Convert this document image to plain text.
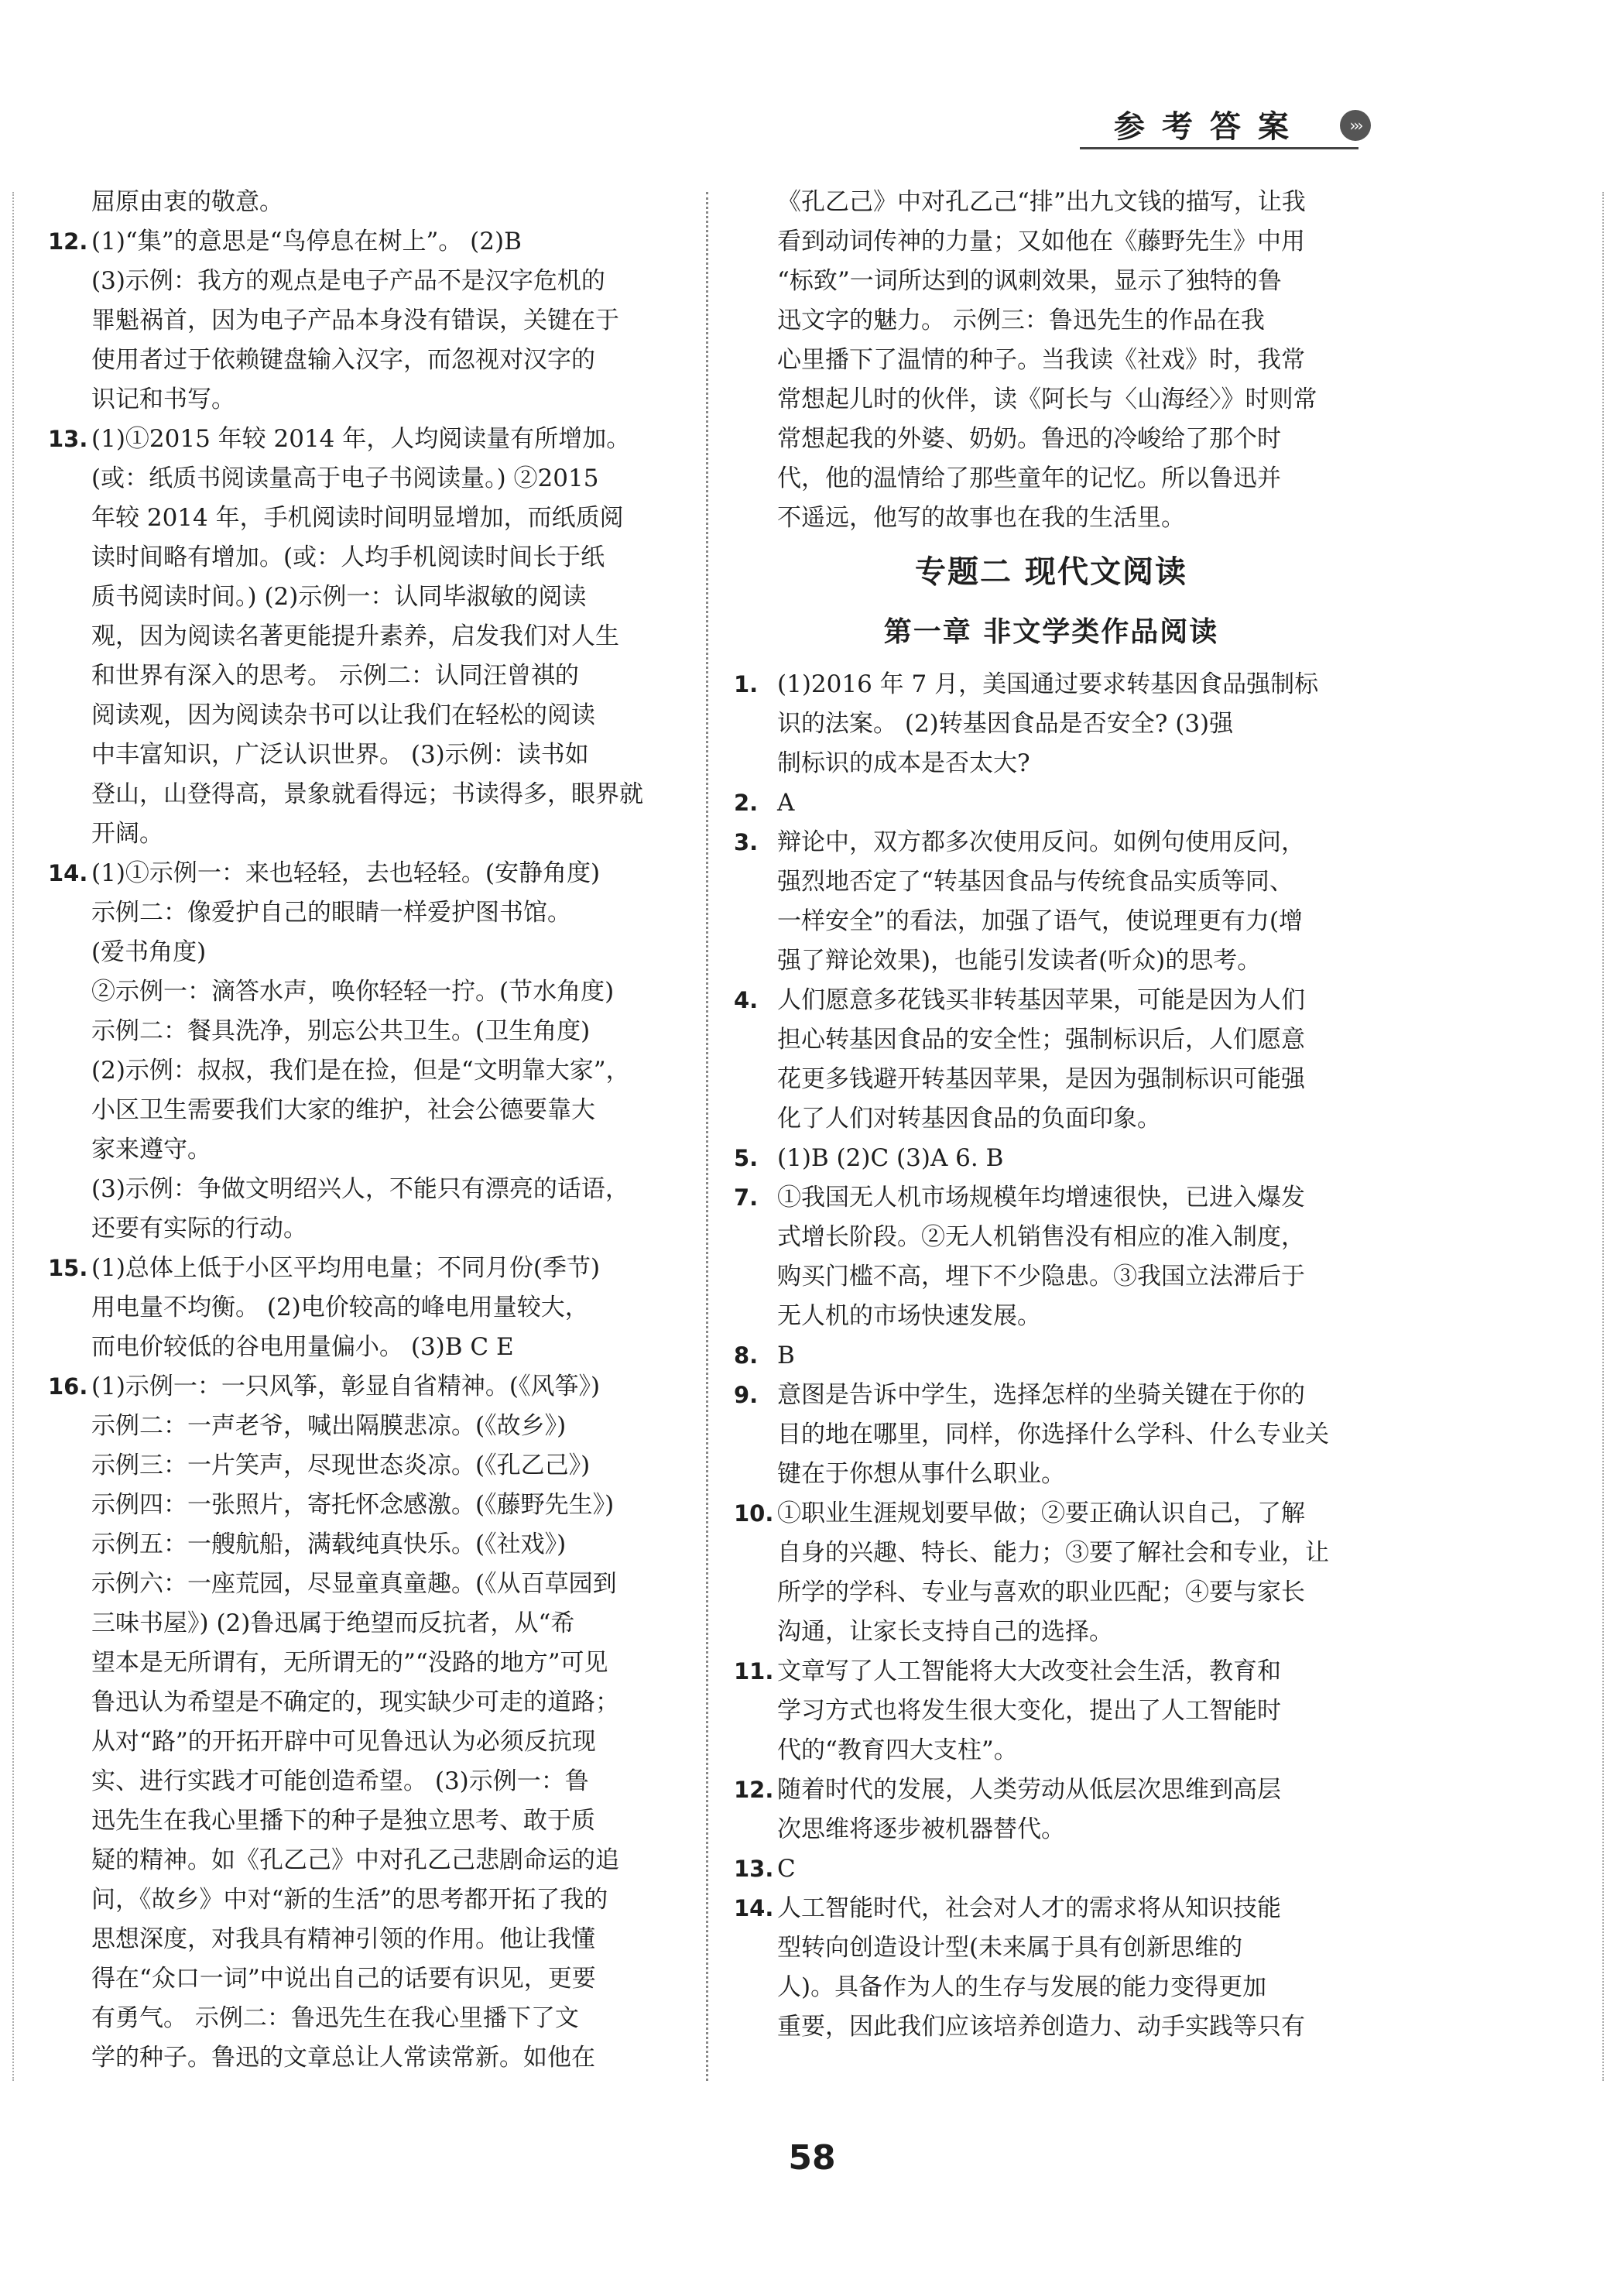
参考答案	›››
屈原由衷的敬意。
12. (1)“集”的意思是“鸟停息在树上”。 (2)B
(3)示例：我方的观点是电子产品不是汉字危机的
罪魁祸首，因为电子产品本身没有错误，关键在于
使用者过于依赖键盘输入汉字，而忽视对汉字的
识记和书写。
13. (1)①2015 年较 2014 年，人均阅读量有所增加。
(或：纸质书阅读量高于电子书阅读量。) ②2015
年较 2014 年，手机阅读时间明显增加，而纸质阅
读时间略有增加。(或：人均手机阅读时间长于纸
质书阅读时间。) (2)示例一：认同毕淑敏的阅读
观，因为阅读名著更能提升素养，启发我们对人生
和世界有深入的思考。 示例二：认同汪曾祺的
阅读观，因为阅读杂书可以让我们在轻松的阅读
中丰富知识，广泛认识世界。 (3)示例：读书如
登山，山登得高，景象就看得远；书读得多，眼界就
开阔。
14. (1)①示例一：来也轻轻，去也轻轻。(安静角度)
示例二：像爱护自己的眼睛一样爱护图书馆。
(爱书角度)
②示例一：滴答水声，唤你轻轻一拧。(节水角度)
示例二：餐具洗净，别忘公共卫生。(卫生角度)
(2)示例：叔叔，我们是在捡，但是“文明靠大家”，
小区卫生需要我们大家的维护，社会公德要靠大
家来遵守。
(3)示例：争做文明绍兴人，不能只有漂亮的话语，
还要有实际的行动。
15. (1)总体上低于小区平均用电量；不同月份(季节)
用电量不均衡。 (2)电价较高的峰电用量较大，
而电价较低的谷电用量偏小。 (3)B C E
16. (1)示例一：一只风筝，彰显自省精神。(《风筝》)
示例二：一声老爷，喊出隔膜悲凉。(《故乡》)
示例三：一片笑声，尽现世态炎凉。(《孔乙己》)
示例四：一张照片，寄托怀念感激。(《藤野先生》)
示例五：一艘航船，满载纯真快乐。(《社戏》)
示例六：一座荒园，尽显童真童趣。(《从百草园到
三味书屋》) (2)鲁迅属于绝望而反抗者，从“希
望本是无所谓有，无所谓无的”“没路的地方”可见
鲁迅认为希望是不确定的，现实缺少可走的道路；
从对“路”的开拓开辟中可见鲁迅认为必须反抗现
实、进行实践才可能创造希望。 (3)示例一：鲁
迅先生在我心里播下的种子是独立思考、敢于质
疑的精神。如《孔乙己》中对孔乙己悲剧命运的追
问，《故乡》中对“新的生活”的思考都开拓了我的
思想深度，对我具有精神引领的作用。他让我懂
得在“众口一词”中说出自己的话要有识见，更要
有勇气。 示例二：鲁迅先生在我心里播下了文
学的种子。鲁迅的文章总让人常读常新。如他在
《孔乙己》中对孔乙己“排”出九文钱的描写，让我
看到动词传神的力量；又如他在《藤野先生》中用
“标致”一词所达到的讽刺效果，显示了独特的鲁
迅文字的魅力。 示例三：鲁迅先生的作品在我
心里播下了温情的种子。当我读《社戏》时，我常
常想起儿时的伙伴，读《阿长与〈山海经〉》时则常
常想起我的外婆、奶奶。鲁迅的冷峻给了那个时
代，他的温情给了那些童年的记忆。所以鲁迅并
不遥远，他写的故事也在我的生活里。
专题二 现代文阅读
第一章 非文学类作品阅读
1. (1)2016 年 7 月，美国通过要求转基因食品强制标
识的法案。 (2)转基因食品是否安全? (3)强
制标识的成本是否太大?
2. A
3. 辩论中，双方都多次使用反问。如例句使用反问，
强烈地否定了“转基因食品与传统食品实质等同、
一样安全”的看法，加强了语气，使说理更有力(增
强了辩论效果)，也能引发读者(听众)的思考。
4. 人们愿意多花钱买非转基因苹果，可能是因为人们
担心转基因食品的安全性；强制标识后，人们愿意
花更多钱避开转基因苹果，是因为强制标识可能强
化了人们对转基因食品的负面印象。
5. (1)B (2)C (3)A 6. B
7. ①我国无人机市场规模年均增速很快，已进入爆发
式增长阶段。②无人机销售没有相应的准入制度，
购买门槛不高，埋下不少隐患。③我国立法滞后于
无人机的市场快速发展。
8. B
9. 意图是告诉中学生，选择怎样的坐骑关键在于你的
目的地在哪里，同样，你选择什么学科、什么专业关
键在于你想从事什么职业。
10. ①职业生涯规划要早做；②要正确认识自己，了解
自身的兴趣、特长、能力；③要了解社会和专业，让
所学的学科、专业与喜欢的职业匹配；④要与家长
沟通，让家长支持自己的选择。
11. 文章写了人工智能将大大改变社会生活，教育和
学习方式也将发生很大变化，提出了人工智能时
代的“教育四大支柱”。
12. 随着时代的发展，人类劳动从低层次思维到高层
次思维将逐步被机器替代。
13. C
14. 人工智能时代，社会对人才的需求将从知识技能
型转向创造设计型(未来属于具有创新思维的
人)。具备作为人的生存与发展的能力变得更加
重要，因此我们应该培养创造力、动手实践等只有
58
